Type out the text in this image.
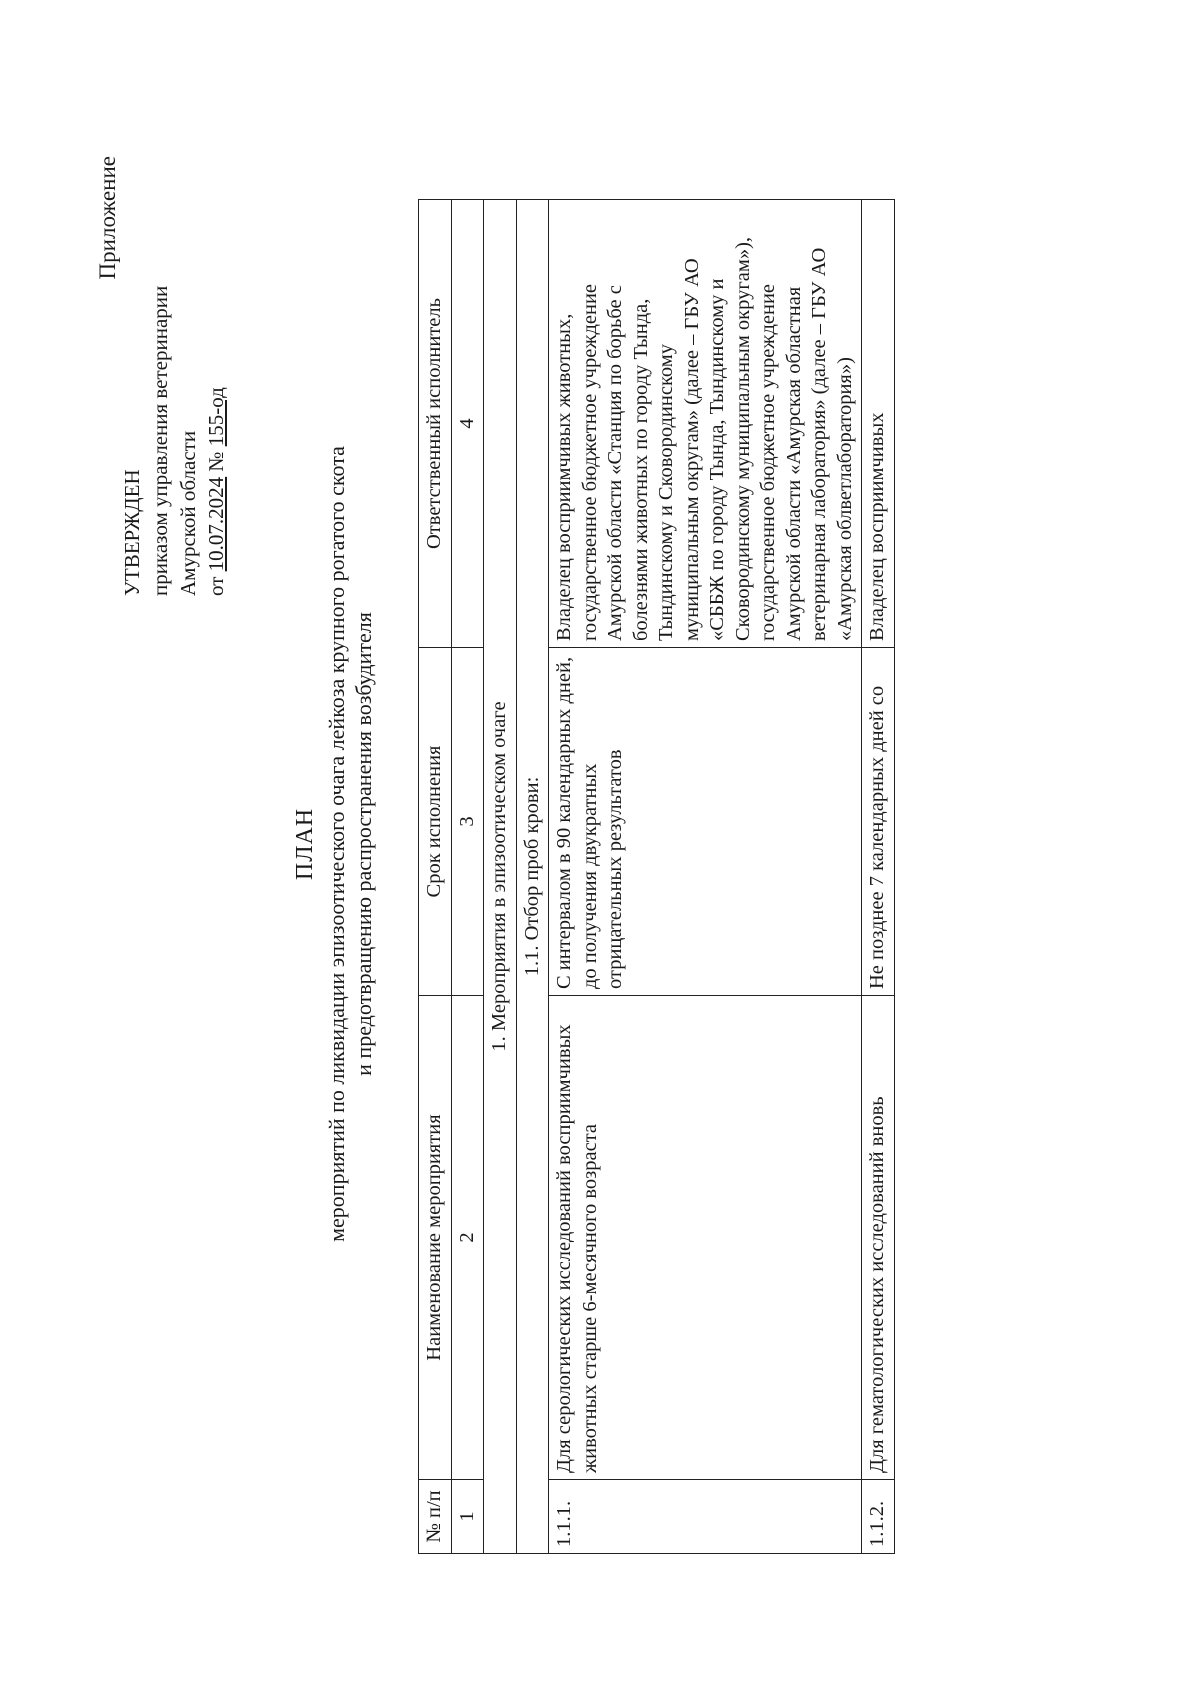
Приложение
УТВЕРЖДЕН приказом управления ветеринарии Амурской области от 10.07.2024 № 155-од
ПЛАН мероприятий по ликвидации эпизоотического очага лейкоза крупного рогатого скота и предотвращению распространения возбудителя
№ п/п	Наименование мероприятия	Срок исполнения	Ответственный исполнитель
1	2	3	4
1. Мероприятия в эпизоотическом очаге			
1.1. Отбор проб крови:			
1.1.1.	Для серологических исследований восприимчивых животных старше 6-месячного возраста	С интервалом в 90 календарных дней, до получения двукратных отрицательных результатов	Владелец восприимчивых животных, государственное бюджетное учреждение Амурской области «Станция по борьбе с болезнями животных по городу Тында, Тындинскому и Сковородинскому муниципальным округам» (далее – ГБУ АО «СББЖ по городу Тында, Тындинскому и Сковородинскому муниципальным округам»), государственное бюджетное учреждение Амурской области «Амурская областная ветеринарная лаборатория» (далее – ГБУ АО «Амурская облветлаборатория»)
1.1.2.	Для гематологических исследований вновь	Не позднее 7 календарных дней со	Владелец восприимчивых
